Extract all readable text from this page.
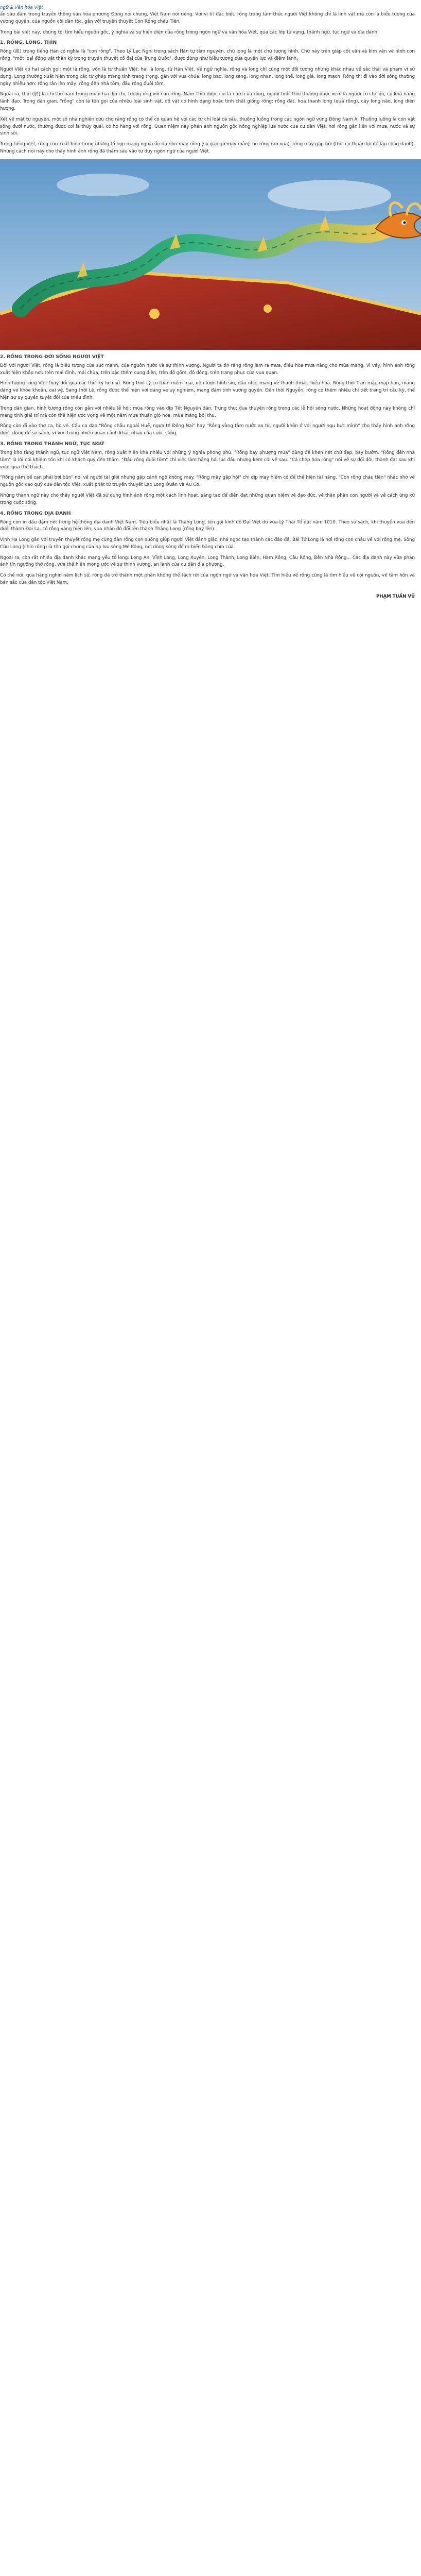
ngữ & Văn hóa Việt

ẩn sâu đậm trong truyền thống văn hóa phương Đông nói chung, Việt Nam nói riêng. Với vị trí đặc biệt, rồng trong tâm thức người Việt không chỉ là linh vật mà còn là biểu tượng của vương quyền, của nguồn cội dân tộc, gắn với truyền thuyết Con Rồng cháu Tiên.

Trong bài viết này, chúng tôi tìm hiểu nguồn gốc, ý nghĩa và sự hiện diện của rồng trong ngôn ngữ và văn hóa Việt, qua các lớp từ vựng, thành ngữ, tục ngữ và địa danh.

1. RỒNG, LONG, THÌN

Rồng (龍) trong tiếng Hán có nghĩa là "con rồng". Theo Lý Lạc Nghị trong sách Hán tự tầm nguyên, chữ long là một chữ tượng hình. Chữ này trên giáp cốt văn và kim văn vẽ hình con rồng, "một loại động vật thần kỳ trong truyền thuyết cổ đại của Trung Quốc", được dùng như biểu tượng của quyền lực và điềm lành.

Người Việt có hai cách gọi: một là rồng, vốn là từ thuần Việt; hai là long, từ Hán Việt. Về ngữ nghĩa, rồng và long chỉ cùng một đối tượng nhưng khác nhau về sắc thái và phạm vi sử dụng. Long thường xuất hiện trong các từ ghép mang tính trang trọng, gắn với vua chúa: long bào, long sàng, long nhan, long thể, long giá, long mạch. Rồng thì đi vào đời sống thường ngày nhiều hơn: rồng rắn lên mây, rồng đến nhà tôm, đầu rồng đuôi tôm.

Ngoài ra, thìn (辰) là chi thứ năm trong mười hai địa chi, tương ứng với con rồng. Năm Thìn được coi là năm của rồng, người tuổi Thìn thường được xem là người có chí lớn, có khả năng lãnh đạo. Trong dân gian, "rồng" còn là tên gọi của nhiều loài sinh vật, đồ vật có hình dạng hoặc tính chất giống rồng: rồng đất, hoa thanh long (quả rồng), cây long não, long diên hương.

Xét về mặt từ nguyên, một số nhà nghiên cứu cho rằng rồng có thể có quan hệ với các từ chỉ loài cá sấu, thuồng luồng trong các ngôn ngữ vùng Đông Nam Á. Thuồng luồng là con vật sống dưới nước, thường được coi là thủy quái, có họ hàng với rồng. Quan niệm này phản ánh nguồn gốc nông nghiệp lúa nước của cư dân Việt, nơi rồng gắn liền với mưa, nước và sự sinh sôi.

Trong tiếng Việt, rồng còn xuất hiện trong những tổ hợp mang nghĩa ẩn dụ như mây rồng (sự gặp gỡ may mắn), ao rồng (ao vua), rồng mây gặp hội (thời cơ thuận lợi để lập công danh). Những cách nói này cho thấy hình ảnh rồng đã thấm sâu vào tư duy ngôn ngữ của người Việt.

2. RỒNG TRONG ĐỜI SỐNG NGƯỜI VIỆT

Đối với người Việt, rồng là biểu tượng của sức mạnh, của nguồn nước và sự thịnh vượng. Người ta tin rằng rồng làm ra mưa, điều hòa mưa nắng cho mùa màng. Vì vậy, hình ảnh rồng xuất hiện khắp nơi: trên mái đình, mái chùa, trên bậc thềm cung điện, trên đồ gốm, đồ đồng, trên trang phục của vua quan.

Hình tượng rồng Việt thay đổi qua các thời kỳ lịch sử. Rồng thời Lý có thân mềm mại, uốn lượn hình sin, đầu nhỏ, mang vẻ thanh thoát, hiền hòa. Rồng thời Trần mập mạp hơn, mang dáng vẻ khỏe khoắn, oai vệ. Sang thời Lê, rồng được thể hiện với dáng vẻ uy nghiêm, mang đậm tính vương quyền. Đến thời Nguyễn, rồng có thêm nhiều chi tiết trang trí cầu kỳ, thể hiện sự uy quyền tuyệt đối của triều đình.

Trong dân gian, hình tượng rồng còn gắn với nhiều lễ hội: múa rồng vào dịp Tết Nguyên đán, Trung thu; đua thuyền rồng trong các lễ hội sông nước. Những hoạt động này không chỉ mang tính giải trí mà còn thể hiện ước vọng về một năm mưa thuận gió hòa, mùa màng bội thu.

Rồng còn đi vào thơ ca, hò vè. Câu ca dao "Rồng chầu ngoài Huế, ngựa tế Đồng Nai" hay "Rồng vàng tắm nước ao tù, người khôn ở với người ngu bực mình" cho thấy hình ảnh rồng được dùng để so sánh, ví von trong nhiều hoàn cảnh khác nhau của cuộc sống.

3. RỒNG TRONG THÀNH NGỮ, TỤC NGỮ

Trong kho tàng thành ngữ, tục ngữ Việt Nam, rồng xuất hiện khá nhiều với những ý nghĩa phong phú. "Rồng bay phượng múa" dùng để khen nét chữ đẹp, bay bướm. "Rồng đến nhà tôm" là lời nói khiêm tốn khi có khách quý đến thăm. "Đầu rồng đuôi tôm" chỉ việc làm hăng hái lúc đầu nhưng kém cỏi về sau. "Cá chép hóa rồng" nói về sự đổi đời, thành đạt sau khi vượt qua thử thách.

"Rồng nằm bể cạn phải bơi bùn" nói về người tài giỏi nhưng gặp cảnh ngộ không may. "Rồng mây gặp hội" chỉ dịp may hiếm có để thể hiện tài năng. "Con rồng cháu tiên" nhắc nhở về nguồn gốc cao quý của dân tộc Việt, xuất phát từ truyền thuyết Lạc Long Quân và Âu Cơ.

Những thành ngữ này cho thấy người Việt đã sử dụng hình ảnh rồng một cách linh hoạt, sáng tạo để diễn đạt những quan niệm về đạo đức, về thân phận con người và về cách ứng xử trong cuộc sống.

4. RỒNG TRONG ĐỊA DANH

Rồng còn in dấu đậm nét trong hệ thống địa danh Việt Nam. Tiêu biểu nhất là Thăng Long, tên gọi kinh đô Đại Việt do vua Lý Thái Tổ đặt năm 1010. Theo sử sách, khi thuyền vua đến dưới thành Đại La, có rồng vàng hiện lên, vua nhân đó đổi tên thành Thăng Long (rồng bay lên).

Vịnh Hạ Long gắn với truyền thuyết rồng mẹ cùng đàn rồng con xuống giúp người Việt đánh giặc, nhả ngọc tạo thành các đảo đá. Bái Tử Long là nơi rồng con chầu về với rồng mẹ. Sông Cửu Long (chín rồng) là tên gọi chung của hạ lưu sông Mê Kông, nơi dòng sông đổ ra biển bằng chín cửa.

Ngoài ra, còn rất nhiều địa danh khác mang yếu tố long: Long An, Vĩnh Long, Long Xuyên, Long Thành, Long Biên, Hàm Rồng, Cầu Rồng, Bến Nhà Rồng... Các địa danh này vừa phản ánh tín ngưỡng thờ rồng, vừa thể hiện mong ước về sự thịnh vượng, an lành của cư dân địa phương.

Có thể nói, qua hàng nghìn năm lịch sử, rồng đã trở thành một phần không thể tách rời của ngôn ngữ và văn hóa Việt. Tìm hiểu về rồng cũng là tìm hiểu về cội nguồn, về tâm hồn và bản sắc của dân tộc Việt Nam.

PHẠM TUẤN VŨ
